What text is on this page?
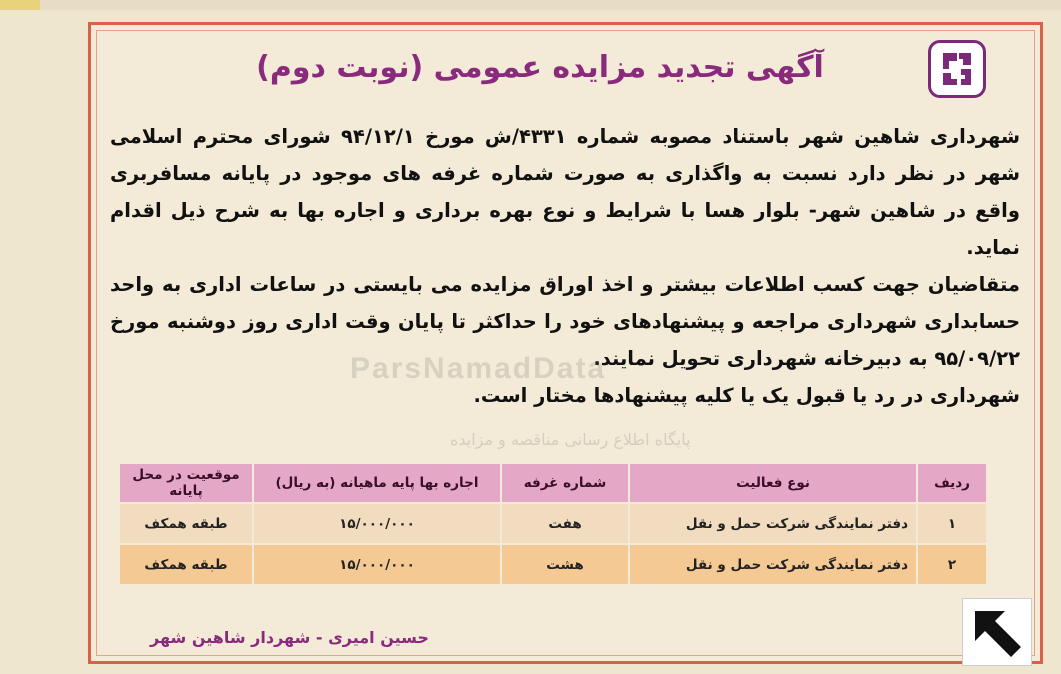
آگهی تجدید مزایده عمومی (نوبت دوم)
شهرداری شاهین شهر باستناد مصوبه شماره ۴۳۳۱/ش مورخ ۹۴/۱۲/۱ شورای محترم اسلامی شهر در نظر دارد نسبت به واگذاری به صورت شماره غرفه های موجود در پایانه مسافربری واقع در شاهین شهر- بلوار هسا با شرایط و نوع بهره برداری و اجاره بها به شرح ذیل اقدام نماید.
متقاضیان جهت کسب اطلاعات بیشتر و اخذ اوراق مزایده می بایستی در ساعات اداری به واحد حسابداری شهرداری مراجعه و پیشنهادهای خود را حداکثر تا پایان وقت اداری روز دوشنبه مورخ ۹۵/۰۹/۲۲ به دبیرخانه شهرداری تحویل نمایند.
شهرداری در رد یا قبول یک یا کلیه پیشنهادها مختار است.
ParsNamadData
پایگاه اطلاع رسانی مناقصه و مزایده
ردیف	نوع فعالیت	شماره غرفه	اجاره بها پایه ماهیانه (به ریال)	موقعیت در محل پایانه
۱	دفتر نمایندگی شرکت حمل و نقل	هفت	۱۵/۰۰۰/۰۰۰	طبقه همکف
۲	دفتر نمایندگی شرکت حمل و نقل	هشت	۱۵/۰۰۰/۰۰۰	طبقه همکف
حسین امیری - شهردار شاهین شهر
